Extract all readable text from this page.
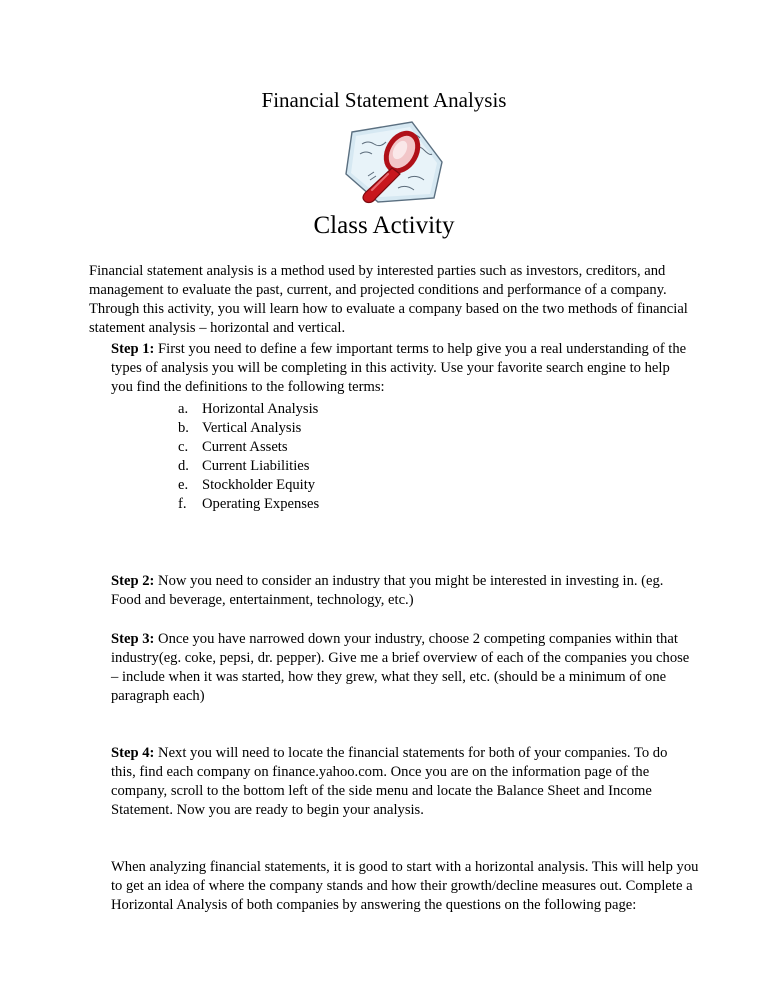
Financial Statement Analysis
Class Activity
Financial statement analysis is a method used by interested parties such as investors, creditors, and management to evaluate the past, current, and projected conditions and performance of a company. Through this activity, you will learn how to evaluate a company based on the two methods of financial statement analysis – horizontal and vertical.
Step 1: First you need to define a few important terms to help give you a real understanding of the types of analysis you will be completing in this activity. Use your favorite search engine to help you find the definitions to the following terms:
a. Horizontal Analysis
b. Vertical Analysis
c. Current Assets
d. Current Liabilities
e. Stockholder Equity
f.	Operating Expenses
Step 2: Now you need to consider an industry that you might be interested in investing in. (eg. Food and beverage, entertainment, technology, etc.)
Step 3: Once you have narrowed down your industry, choose 2 competing companies within that industry(eg. coke, pepsi, dr. pepper). Give me a brief overview of each of the companies you chose – include when it was started, how they grew, what they sell, etc. (should be a minimum of one paragraph each)
Step 4: Next you will need to locate the financial statements for both of your companies. To do this, find each company on finance.yahoo.com. Once you are on the information page of the company, scroll to the bottom left of the side menu and locate the Balance Sheet and Income Statement. Now you are ready to begin your analysis.
When analyzing financial statements, it is good to start with a horizontal analysis. This will help you to get an idea of where the company stands and how their growth/decline measures out. Complete a Horizontal Analysis of both companies by answering the questions on the following page:
